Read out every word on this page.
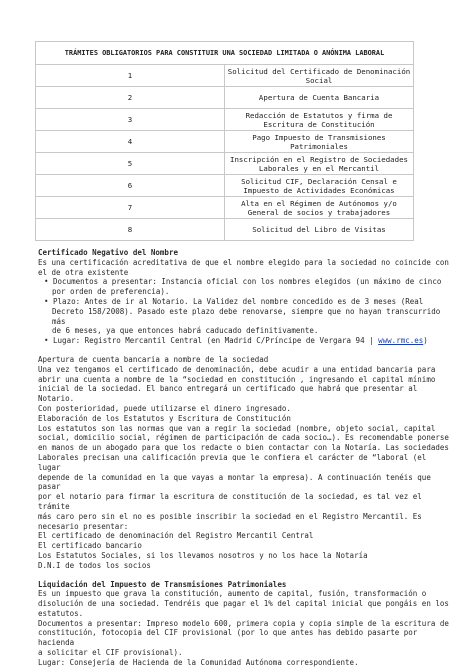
TRÁMITES OBLIGATORIOS PARA CONSTITUIR UNA SOCIEDAD LIMITADA O ANÓNIMA LABORAL	
1	Solicitud del Certificado de Denominación Social
2	Apertura de Cuenta Bancaria
3	Redacción de Estatutos y firma de Escritura de Constitución
4	Pago Impuesto de Transmisiones Patrimoniales
5	Inscripción en el Registro de Sociedades Laborales y en el Mercantil
6	Solicitud CIF, Declaración Censal e Impuesto de Actividades Económicas
7	Alta en el Régimen de Autónomos y/o General de socios y trabajadores
8	Solicitud del Libro de Visitas

Certificado Negativo del Nombre

Es una certificación acreditativa de que el nombre elegido para la sociedad no coincide con

el de otra existente

• Documentos a presentar: Instancia oficial con los nombres elegidos (un máximo de cinco

por orden de preferencia).

• Plazo: Antes de ir al Notario. La Validez del nombre concedido es de 3 meses (Real

Decreto 158/2008). Pasado este plazo debe renovarse, siempre que no hayan transcurrido más

de 6 meses, ya que entonces habrá caducado definitivamente.

• Lugar: Registro Mercantil Central (en Madrid C/Príncipe de Vergara 94 | www.rmc.es)

Apertura de cuenta bancaria a nombre de la sociedad

Una vez tengamos el certificado de denominación, debe acudir a una entidad bancaria para

abrir una cuenta a nombre de la “sociedad en constitución , ingresando el capital mínimo

inicial de la sociedad. El banco entregará un certificado que habrá que presentar al Notario.

Con posterioridad, puede utilizarse el dinero ingresado.

Elaboración de los Estatutos y Escritura de Constitución

Los estatutos son las normas que van a regir la sociedad (nombre, objeto social, capital

social, domicilio social, régimen de participación de cada socio…). Es recomendable ponerse

en manos de un abogado para que los redacte o bien contactar con la Notaría. Las sociedades

Laborales precisan una calificación previa que le confiera el carácter de “laboral (el lugar

depende de la comunidad en la que vayas a montar la empresa). A continuación tenéis que pasar

por el notario para firmar la escritura de constitución de la sociedad, es tal vez el trámite

más caro pero sin el no es posible inscribir la sociedad en el Registro Mercantil. Es

necesario presentar:

El certificado de denominación del Registro Mercantil Central

El certificado bancario

Los Estatutos Sociales, si los llevamos nosotros y no los hace la Notaría

D.N.I de todos los socios

Liquidación del Impuesto de Transmisiones Patrimoniales

Es un impuesto que grava la constitución, aumento de capital, fusión, transformación o

disolución de una sociedad. Tendréis que pagar el 1% del capital inicial que pongáis en los

estatutos.

Documentos a presentar: Impreso modelo 600, primera copia y copia simple de la escritura de

constitución, fotocopia del CIF provisional (por lo que antes has debido pasarte por hacienda

a solicitar el CIF provisional).

Lugar: Consejería de Hacienda de la Comunidad Autónoma correspondiente.
